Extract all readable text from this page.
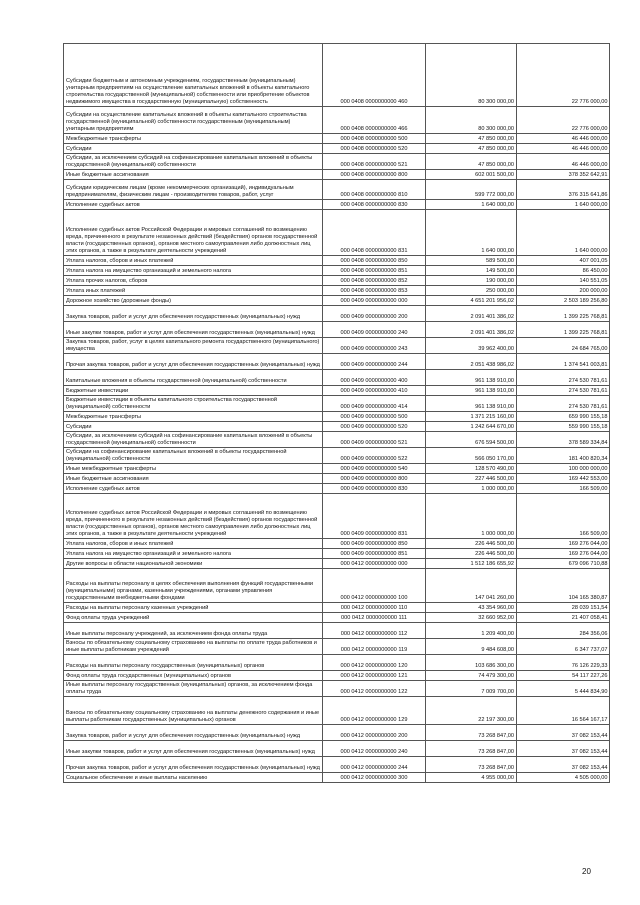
Субсидии бюджетным и автономным учреждениям, государственным (муниципальным) унитарным предприятиям на осуществление капитальных вложений в объекты капитального строительства государственной (муниципальной) собственности или приобретение объектов недвижимого имущества в государственную (муниципальную) собственность	000 0408 0000000000 460	80 300 000,00	22 776 000,00
Субсидии на осуществление капитальных вложений в объекты капитального строительства государственной (муниципальной) собственности государственным (муниципальным) унитарным предприятиям	000 0408 0000000000 466	80 300 000,00	22 776 000,00
Межбюджетные трансферты	000 0408 0000000000 500	47 850 000,00	46 446 000,00
Субсидии	000 0408 0000000000 520	47 850 000,00	46 446 000,00
Субсидии, за исключением субсидий на софинансирование капитальных вложений в объекты государственной (муниципальной) собственности	000 0408 0000000000 521	47 850 000,00	46 446 000,00
Иные бюджетные ассигнования	000 0408 0000000000 800	602 001 500,00	378 352 642,91
Субсидии юридическим лицам (кроме некоммерческих организаций), индивидуальным предпринимателям, физическим лицам - производителям товаров, работ, услуг	000 0408 0000000000 810	599 772 000,00	376 315 641,86
Исполнение судебных актов	000 0408 0000000000 830	1 640 000,00	1 640 000,00
Исполнение судебных актов Российской Федерации и мировых соглашений по возмещению вреда, причиненного в результате незаконных действий (бездействия) органов государственной власти (государственных органов), органов местного самоуправления либо должностных лиц этих органов, а также в результате деятельности учреждений	000 0408 0000000000 831	1 640 000,00	1 640 000,00
Уплата налогов, сборов и иных платежей	000 0408 0000000000 850	589 500,00	407 001,05
Уплата налога на имущество организаций и земельного налога	000 0408 0000000000 851	149 500,00	86 450,00
Уплата прочих налогов, сборов	000 0408 0000000000 852	190 000,00	140 551,05
Уплата иных платежей	000 0408 0000000000 853	250 000,00	200 000,00
Дорожное хозяйство (дорожные фонды)	000 0409 0000000000 000	4 651 201 956,02	2 503 189 256,80
Закупка товаров, работ и услуг для обеспечения государственных (муниципальных) нужд	000 0409 0000000000 200	2 091 401 386,02	1 399 225 768,81
Иные закупки товаров, работ и услуг для обеспечения государственных (муниципальных) нужд	000 0409 0000000000 240	2 091 401 386,02	1 399 225 768,81
Закупка товаров, работ, услуг в целях капитального ремонта государственного (муниципального) имущества	000 0409 0000000000 243	39 962 400,00	24 684 765,00
Прочая закупка товаров, работ и услуг для обеспечения государственных (муниципальных) нужд	000 0409 0000000000 244	2 051 438 986,02	1 374 541 003,81
Капитальные вложения в объекты государственной (муниципальной) собственности	000 0409 0000000000 400	961 138 910,00	274 530 781,61
Бюджетные инвестиции	000 0409 0000000000 410	961 138 910,00	274 530 781,61
Бюджетные инвестиции в объекты капитального строительства государственной (муниципальной) собственности	000 0409 0000000000 414	961 138 910,00	274 530 781,61
Межбюджетные трансферты	000 0409 0000000000 500	1 371 215 160,00	659 990 155,18
Субсидии	000 0409 0000000000 520	1 242 644 670,00	559 990 155,18
Субсидии, за исключением субсидий на софинансирование капитальных вложений в объекты государственной (муниципальной) собственности	000 0409 0000000000 521	676 594 500,00	378 589 334,84
Субсидии на софинансирование капитальных вложений в объекты государственной (муниципальной) собственности	000 0409 0000000000 522	566 050 170,00	181 400 820,34
Иные межбюджетные трансферты	000 0409 0000000000 540	128 570 490,00	100 000 000,00
Иные бюджетные ассигнования	000 0409 0000000000 800	227 446 500,00	169 442 553,00
Исполнение судебных актов	000 0409 0000000000 830	1 000 000,00	166 509,00
Исполнение судебных актов Российской Федерации и мировых соглашений по возмещению вреда, причиненного в результате незаконных действий (бездействия) органов государственной власти (государственных органов), органов местного самоуправления либо должностных лиц этих органов, а также в результате деятельности учреждений	000 0409 0000000000 831	1 000 000,00	166 509,00
Уплата налогов, сборов и иных платежей	000 0409 0000000000 850	226 446 500,00	169 276 044,00
Уплата налога на имущество организаций и земельного налога	000 0409 0000000000 851	226 446 500,00	169 276 044,00
Другие вопросы в области национальной экономики	000 0412 0000000000 000	1 512 186 655,92	679 096 710,88
Расходы на выплаты персоналу в целях обеспечения выполнения функций государственными (муниципальными) органами, казенными учреждениями, органами управления государственными внебюджетными фондами	000 0412 0000000000 100	147 041 260,00	104 165 380,87
Расходы на выплаты персоналу казенных учреждений	000 0412 0000000000 110	43 354 960,00	28 039 151,54
Фонд оплаты труда учреждений	000 0412 0000000000 111	32 660 952,00	21 407 058,41
Иные выплаты персоналу учреждений, за исключением фонда оплаты труда	000 0412 0000000000 112	1 209 400,00	284 356,06
Взносы по обязательному социальному страхованию на выплаты по оплате труда работников и иные выплаты работникам учреждений	000 0412 0000000000 119	9 484 608,00	6 347 737,07
Расходы на выплаты персоналу государственных (муниципальных) органов	000 0412 0000000000 120	103 686 300,00	76 126 229,33
Фонд оплаты труда государственных (муниципальных) органов	000 0412 0000000000 121	74 479 300,00	54 117 227,26
Иные выплаты персоналу государственных (муниципальных) органов, за исключением фонда оплаты труда	000 0412 0000000000 122	7 009 700,00	5 444 834,90
Взносы по обязательному социальному страхованию на выплаты денежного содержания и иные выплаты работникам государственных (муниципальных) органов	000 0412 0000000000 129	22 197 300,00	16 564 167,17
Закупка товаров, работ и услуг для обеспечения государственных (муниципальных) нужд	000 0412 0000000000 200	73 268 847,00	37 082 153,44
Иные закупки товаров, работ и услуг для обеспечения государственных (муниципальных) нужд	000 0412 0000000000 240	73 268 847,00	37 082 153,44
Прочая закупка товаров, работ и услуг для обеспечения государственных (муниципальных) нужд	000 0412 0000000000 244	73 268 847,00	37 082 153,44
Социальное обеспечение и иные выплаты населению	000 0412 0000000000 300	4 955 000,00	4 505 000,00
20
